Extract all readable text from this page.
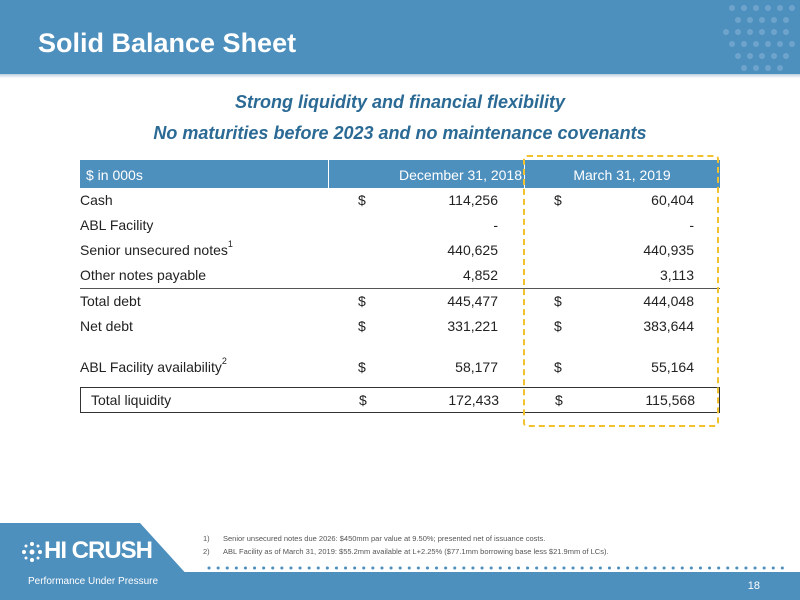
Solid Balance Sheet
Strong liquidity and financial flexibility
No maturities before 2023 and no maintenance covenants
$ in 000s	December 31, 2018	March 31, 2019
Cash	$	114,256	$	60,404
ABL Facility	-	-
Senior unsecured notes$^1$	440,625	440,935
Other notes payable	4,852	3,113
Total debt	$	445,477	$	444,048
Net debt	$	331,221	$	383,644
ABL Facility availability$^2$	$	58,177	$	55,164
Total liquidity	$	172,433	$	115,568
18
HI CRUSH
Performance Under Pressure
1) Senior unsecured notes due 2026: $450mm par value at 9.50%; presented net of issuance costs.
2) ABL Facility as of March 31, 2019: $55.2mm available at L+2.25% ($77.1mm borrowing base less $21.9mm of LCs).
